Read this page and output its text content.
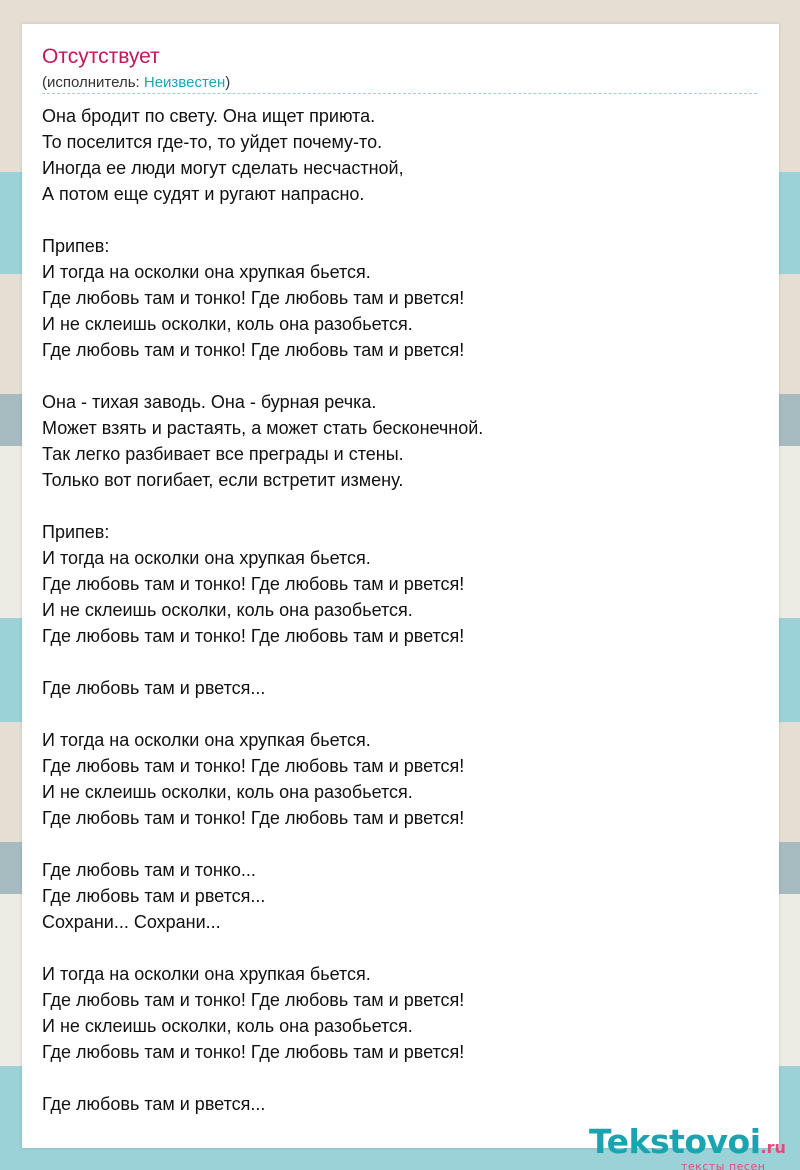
Отсутствует
(исполнитель: Неизвестен)
Она бродит по свету. Она ищет приюта.
То поселится где-то, то уйдет почему-то.
Иногда ее люди могут сделать несчастной,
А потом еще судят и ругают напрасно.
Припев:
И тогда на осколки она хрупкая бьется.
Где любовь там и тонко! Где любовь там и рвется!
И не склеишь осколки, коль она разобьется.
Где любовь там и тонко! Где любовь там и рвется!
Она - тихая заводь. Она - бурная речка.
Может взять и растаять, а может стать бесконечной.
Так легко разбивает все преграды и стены.
Только вот погибает, если встретит измену.
Припев:
И тогда на осколки она хрупкая бьется.
Где любовь там и тонко! Где любовь там и рвется!
И не склеишь осколки, коль она разобьется.
Где любовь там и тонко! Где любовь там и рвется!
Где любовь там и рвется...
И тогда на осколки она хрупкая бьется.
Где любовь там и тонко! Где любовь там и рвется!
И не склеишь осколки, коль она разобьется.
Где любовь там и тонко! Где любовь там и рвется!
Где любовь там и тонко...
Где любовь там и рвется...
Сохрани... Сохрани...
И тогда на осколки она хрупкая бьется.
Где любовь там и тонко! Где любовь там и рвется!
И не склеишь осколки, коль она разобьется.
Где любовь там и тонко! Где любовь там и рвется!
Где любовь там и рвется...
Tekstovoi.ru
тексты песен
